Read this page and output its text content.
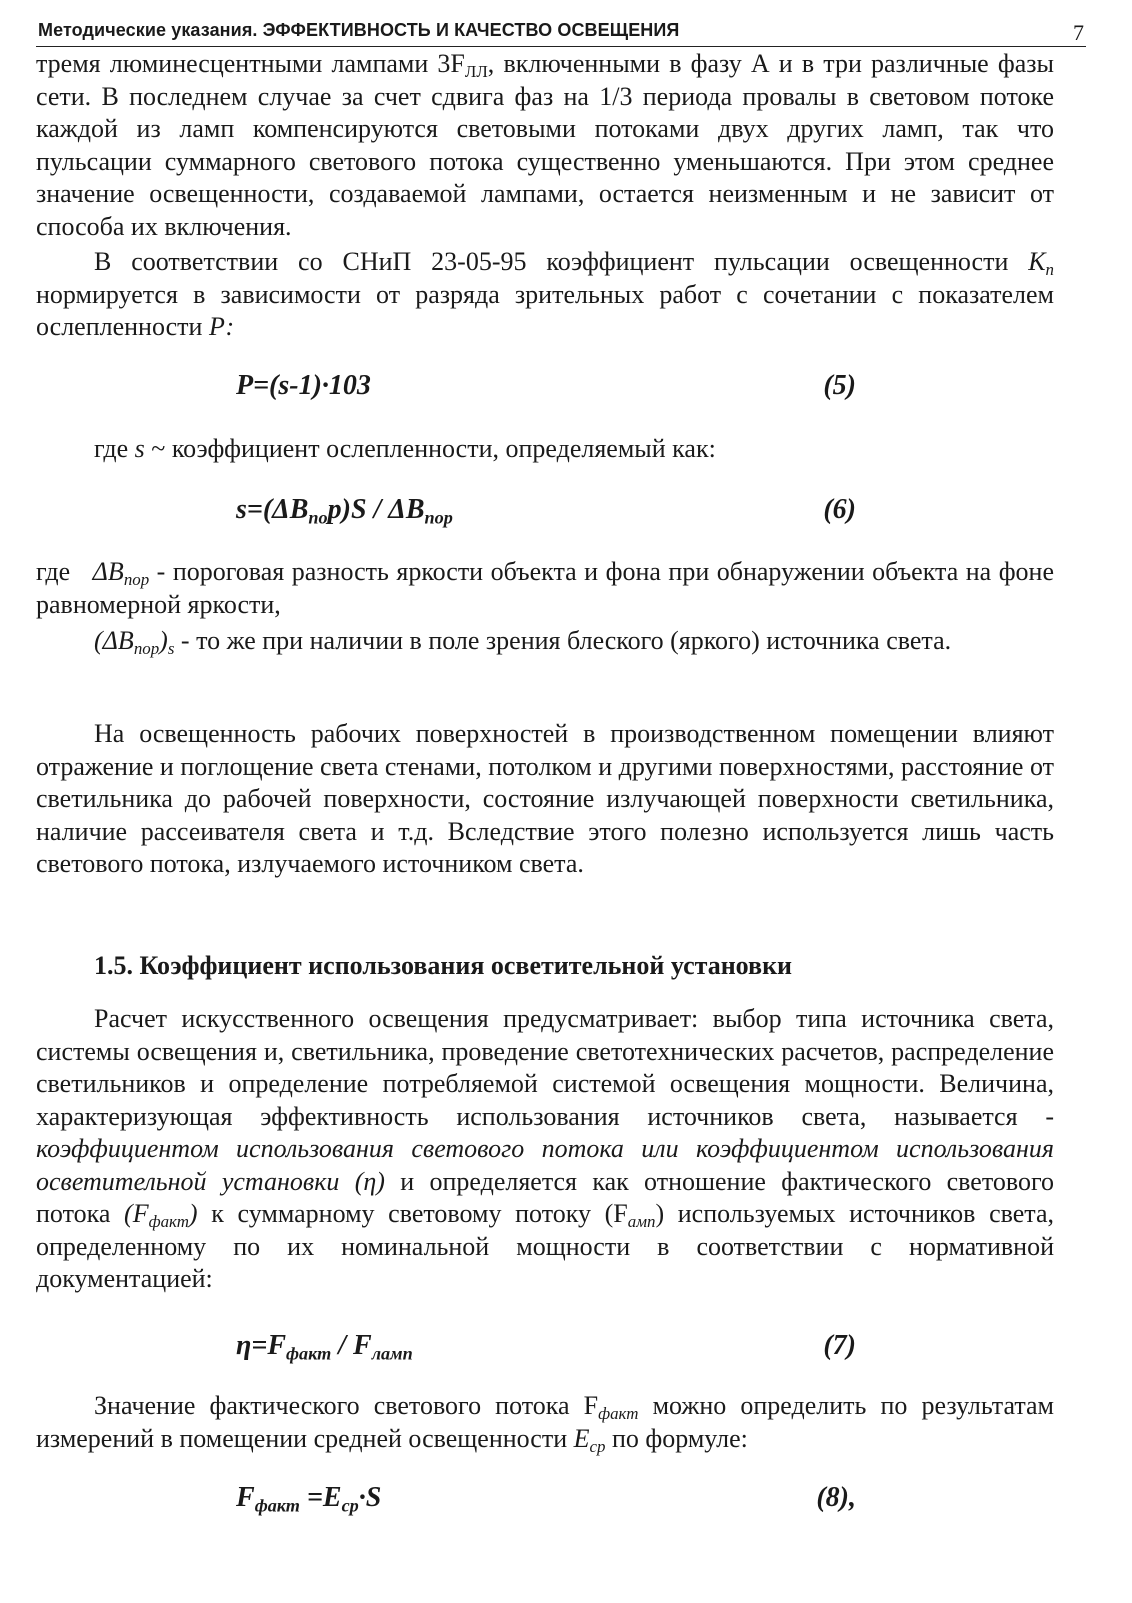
Методические указания. ЭФФЕКТИВНОСТЬ И КАЧЕСТВО ОСВЕЩЕНИЯ	7
тремя люминесцентными лампами $3F_{ЛЛ}$, включенными в фазу А и в три различные фазы сети. В последнем случае за счет сдвига фаз на 1/3 периода провалы в световом потоке каждой из ламп компенсируются световыми потоками двух других ламп, так что пульсации суммарного светового потока существенно уменьшаются. При этом среднее значение освещенности, создаваемой лампами, остается неизменным и не зависит от способа их включения.
В соответствии со СНиП 23-05-95 коэффициент пульсации освещенности $К_п$ нормируется в зависимости от разряда зрительных работ с сочетании с показателем ослепленности Р:
P=(s-1)·103	(5)
где s ~ коэффициент ослепленности, определяемый как:
$s=(\Delta B_{no}p)S / \Delta B_{пор}$	(6)
где   $\Delta B_{пор}$ - пороговая разность яркости объекта и фона при обнаружении объекта на фоне равномерной яркости,
$(\Delta B_{пор})_s$ - то же при наличии в поле зрения блеского (яркого) источника света.
На освещенность рабочих поверхностей в производственном помещении влияют отражение и поглощение света стенами, потолком и другими поверхностями, расстояние от светильника до рабочей поверхности, состояние излучающей поверхности светильника, наличие рассеивателя света и т.д. Вследствие этого полезно используется лишь часть светового потока, излучаемого источником света.
1.5. Коэффициент использования осветительной установки
Расчет искусственного освещения предусматривает: выбор типа источника света, системы освещения и, светильника, проведение светотехнических расчетов, распределение светильников и определение потребляемой системой освещения мощности. Величина, характеризующая эффективность использования источников света, называется - коэффициентом использования светового потока или коэффициентом использования осветительной установки (η) и определяется как отношение фактического светового потока $(F_{факт})$ к суммарному световому потоку $(F_{амп})$ используемых источников света, определенному по их номинальной мощности в соответствии с нормативной документацией:
$\eta=F_{факт} / F_{ламп}$	(7)
Значение фактического светового потока $F_{факт}$ можно определить по результатам измерений в помещении средней освещенности $E_{ср}$ по формуле:
$F_{факт} =E_{ср}\cdot S$	(8),
